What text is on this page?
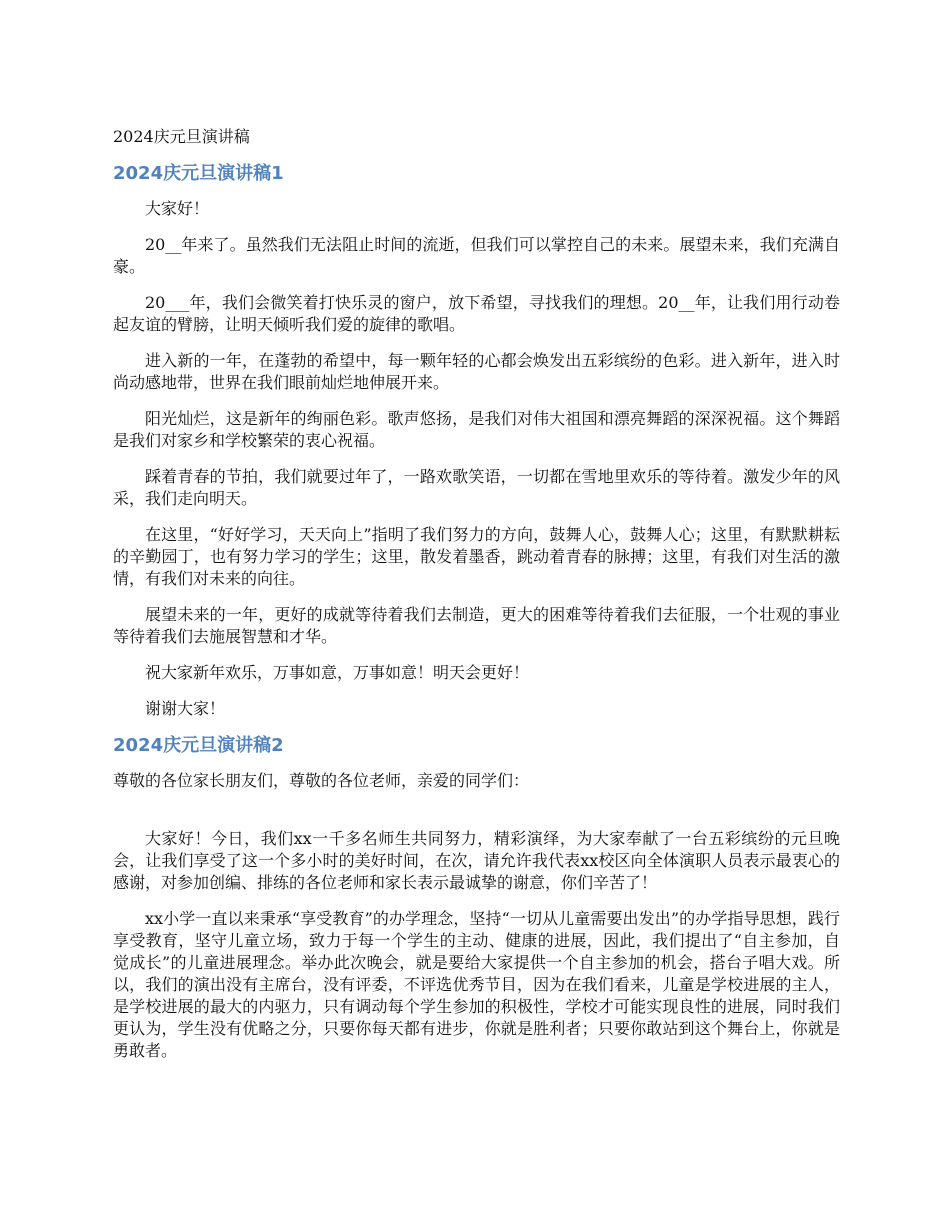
2024庆元旦演讲稿
2024庆元旦演讲稿1

大家好！

20__年来了。虽然我们无法阻止时间的流逝，但我们可以掌控自己的未来。展望未来，我们充满自豪。

20___年，我们会微笑着打快乐灵的窗户，放下希望，寻找我们的理想。20__年，让我们用行动卷起友谊的臂膀，让明天倾听我们爱的旋律的歌唱。

进入新的一年，在蓬勃的希望中，每一颗年轻的心都会焕发出五彩缤纷的色彩。进入新年，进入时尚动感地带，世界在我们眼前灿烂地伸展开来。

阳光灿烂，这是新年的绚丽色彩。歌声悠扬，是我们对伟大祖国和漂亮舞蹈的深深祝福。这个舞蹈是我们对家乡和学校繁荣的衷心祝福。

踩着青春的节拍，我们就要过年了，一路欢歌笑语，一切都在雪地里欢乐的等待着。激发少年的风采，我们走向明天。

在这里，“好好学习，天天向上”指明了我们努力的方向，鼓舞人心，鼓舞人心；这里，有默默耕耘的辛勤园丁，也有努力学习的学生；这里，散发着墨香，跳动着青春的脉搏；这里，有我们对生活的激情，有我们对未来的向往。

展望未来的一年，更好的成就等待着我们去制造，更大的困难等待着我们去征服，一个壮观的事业等待着我们去施展智慧和才华。

祝大家新年欢乐，万事如意，万事如意！明天会更好！

谢谢大家！

2024庆元旦演讲稿2

尊敬的各位家长朋友们，尊敬的各位老师，亲爱的同学们：

大家好！今日，我们xx一千多名师生共同努力，精彩演绎，为大家奉献了一台五彩缤纷的元旦晚会，让我们享受了这一个多小时的美好时间，在次，请允许我代表xx校区向全体演职人员表示最衷心的感谢，对参加创编、排练的各位老师和家长表示最诚挚的谢意，你们辛苦了！

xx小学一直以来秉承“享受教育”的办学理念，坚持“一切从儿童需要出发出”的办学指导思想，践行享受教育，坚守儿童立场，致力于每一个学生的主动、健康的进展，因此，我们提出了“自主参加，自觉成长”的儿童进展理念。举办此次晚会，就是要给大家提供一个自主参加的机会，搭台子唱大戏。所以，我们的演出没有主席台，没有评委，不评选优秀节目，因为在我们看来，儿童是学校进展的主人，是学校进展的最大的内驱力，只有调动每个学生参加的积极性，学校才可能实现良性的进展，同时我们更认为，学生没有优略之分，只要你每天都有进步，你就是胜利者；只要你敢站到这个舞台上，你就是勇敢者。
